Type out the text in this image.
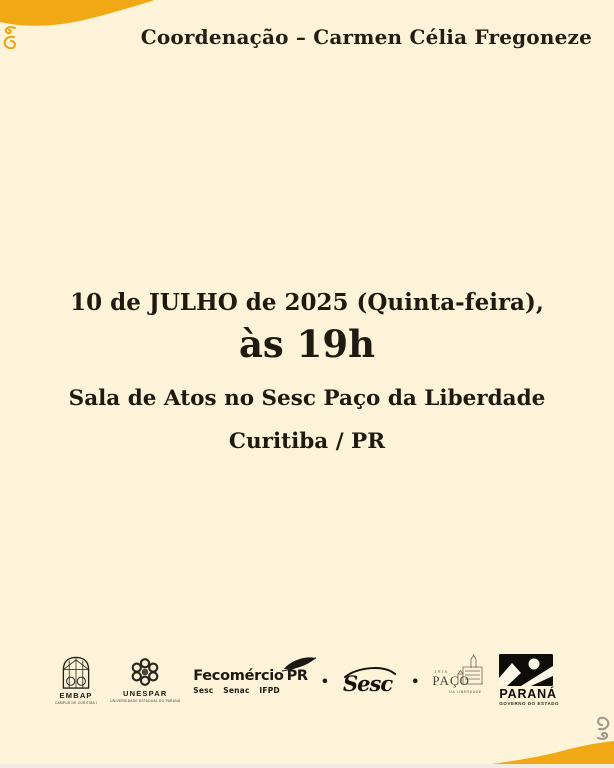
Coordenação – Carmen Célia Fregoneze
10 de JULHO de 2025 (Quinta-feira),
às 19h
Sala de Atos no Sesc Paço da Liberdade
Curitiba / PR
EMBAP
CAMPUS DE CURITIBA I
UNESPAR
UNIVERSIDADE ESTADUAL DO PARANÁ
Fecomércio PR
Sesc Senac IFPD
• Sesc •
1916
PAÇO
DA LIBERDADE PARANÁ
GOVERNO DO ESTADO
